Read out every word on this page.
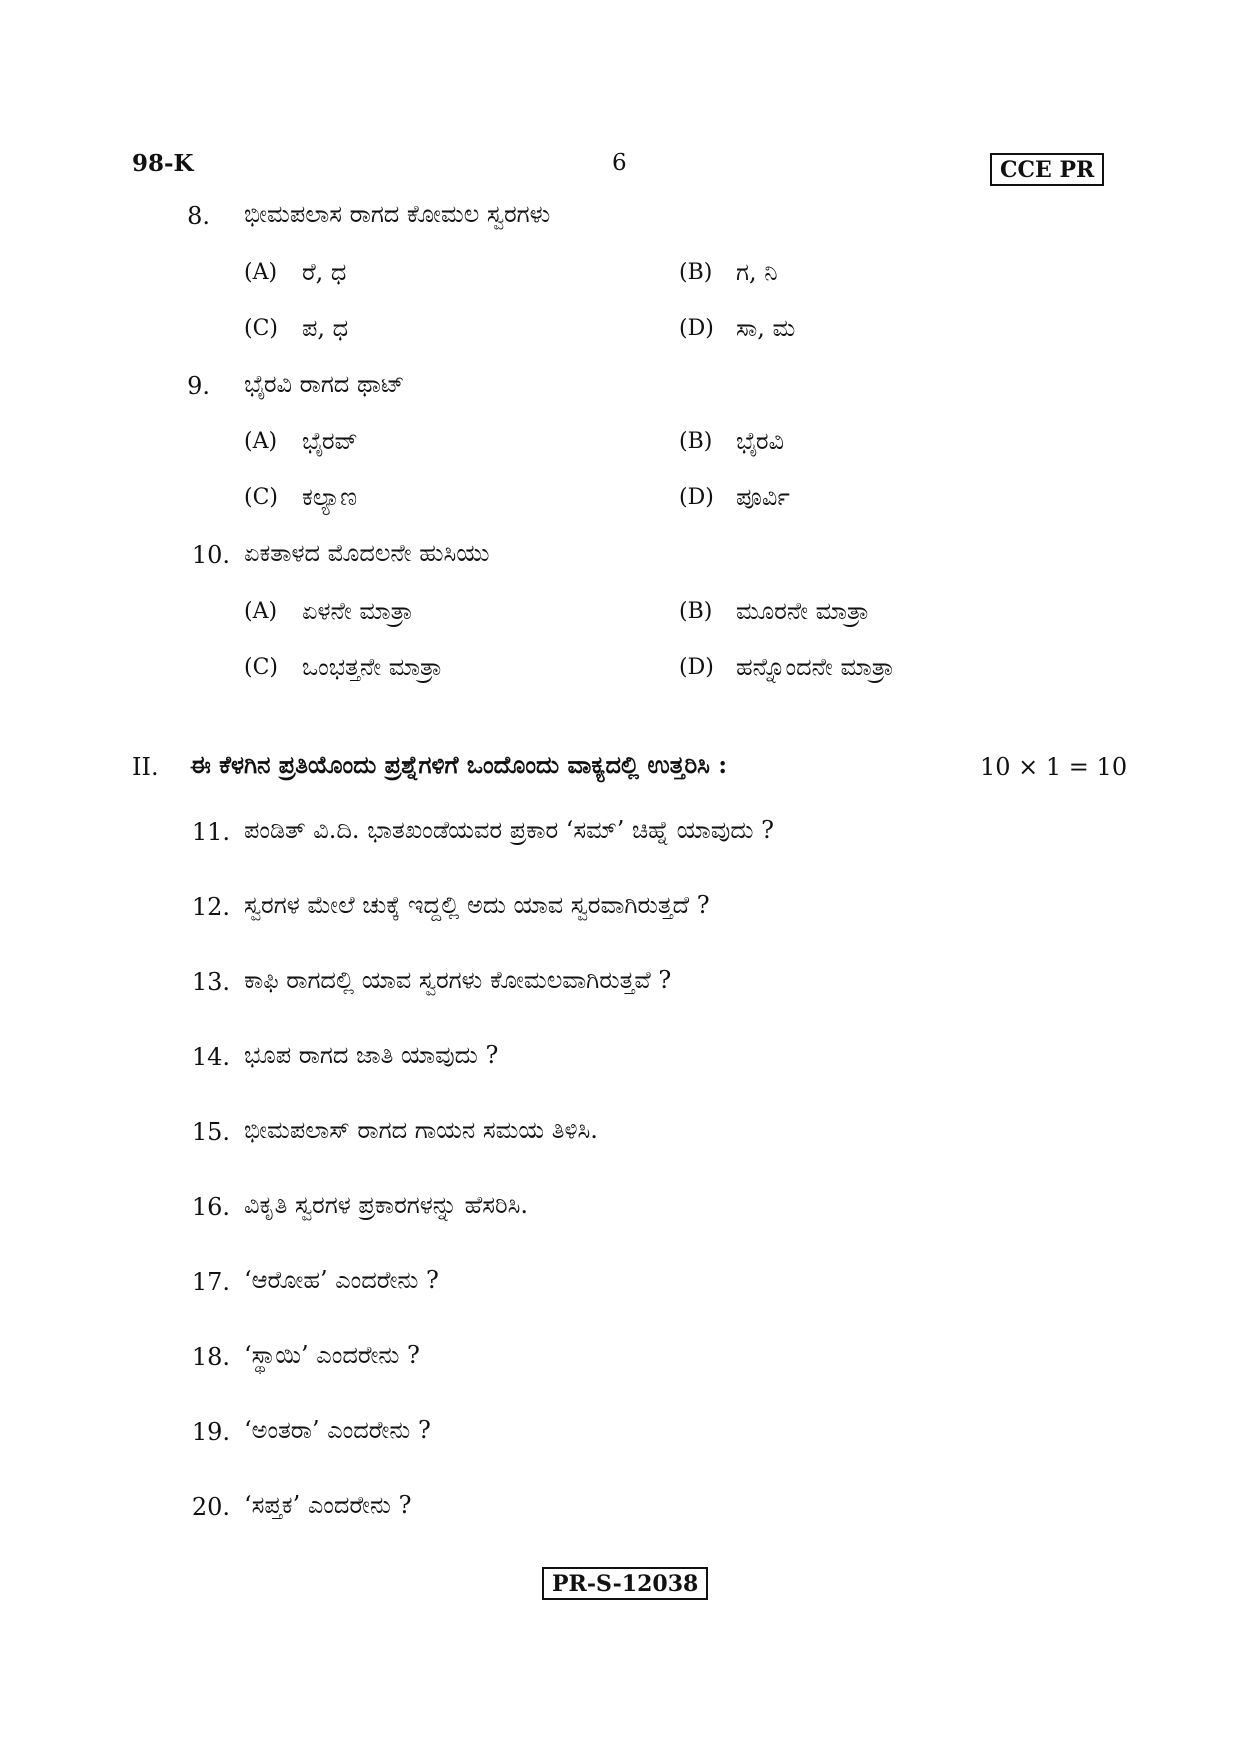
98-K	6	CCE PR
8. ಭೀಮಪಲಾಸ ರಾಗದ ಕೋಮಲ ಸ್ವರಗಳು
(A) ರೆ, ಧ	(B) ಗ, ನಿ
(C) ಪ, ಧ	(D) ಸಾ, ಮ
9. ಭೈರವಿ ರಾಗದ ಥಾಟ್
(A) ಭೈರವ್	(B) ಭೈರವಿ
(C) ಕಲ್ಯಾಣ	(D) ಪೂರ್ವಿ
10. ಏಕತಾಳದ ಮೊದಲನೇ ಹುಸಿಯು
(A) ಏಳನೇ ಮಾತ್ರಾ	(B) ಮೂರನೇ ಮಾತ್ರಾ
(C) ಒಂಭತ್ತನೇ ಮಾತ್ರಾ	(D) ಹನ್ನೊಂದನೇ ಮಾತ್ರಾ
II. ಈ ಕೆಳಗಿನ ಪ್ರತಿಯೊಂದು ಪ್ರಶ್ನೆಗಳಿಗೆ ಒಂದೊಂದು ವಾಕ್ಯದಲ್ಲಿ ಉತ್ತರಿಸಿ :	10 × 1 = 10
11. ಪಂಡಿತ್ ವಿ.ದಿ. ಭಾತಖಂಡೆಯವರ ಪ್ರಕಾರ ‘ಸಮ್’ ಚಿಹ್ನೆ ಯಾವುದು ?
12. ಸ್ವರಗಳ ಮೇಲೆ ಚುಕ್ಕೆ ಇದ್ದಲ್ಲಿ ಅದು ಯಾವ ಸ್ವರವಾಗಿರುತ್ತದೆ ?
13. ಕಾಫಿ ರಾಗದಲ್ಲಿ ಯಾವ ಸ್ವರಗಳು ಕೋಮಲವಾಗಿರುತ್ತವೆ ?
14. ಭೂಪ ರಾಗದ ಜಾತಿ ಯಾವುದು ?
15. ಭೀಮಪಲಾಸ್ ರಾಗದ ಗಾಯನ ಸಮಯ ತಿಳಿಸಿ.
16. ವಿಕೃತಿ ಸ್ವರಗಳ ಪ್ರಕಾರಗಳನ್ನು ಹೆಸರಿಸಿ.
17. ‘ಆರೋಹ’ ಎಂದರೇನು ?
18. ‘ಸ್ಥಾಯಿ’ ಎಂದರೇನು ?
19. ‘ಅಂತರಾ’ ಎಂದರೇನು ?
20. ‘ಸಪ್ತಕ’ ಎಂದರೇನು ?
PR-S-12038
